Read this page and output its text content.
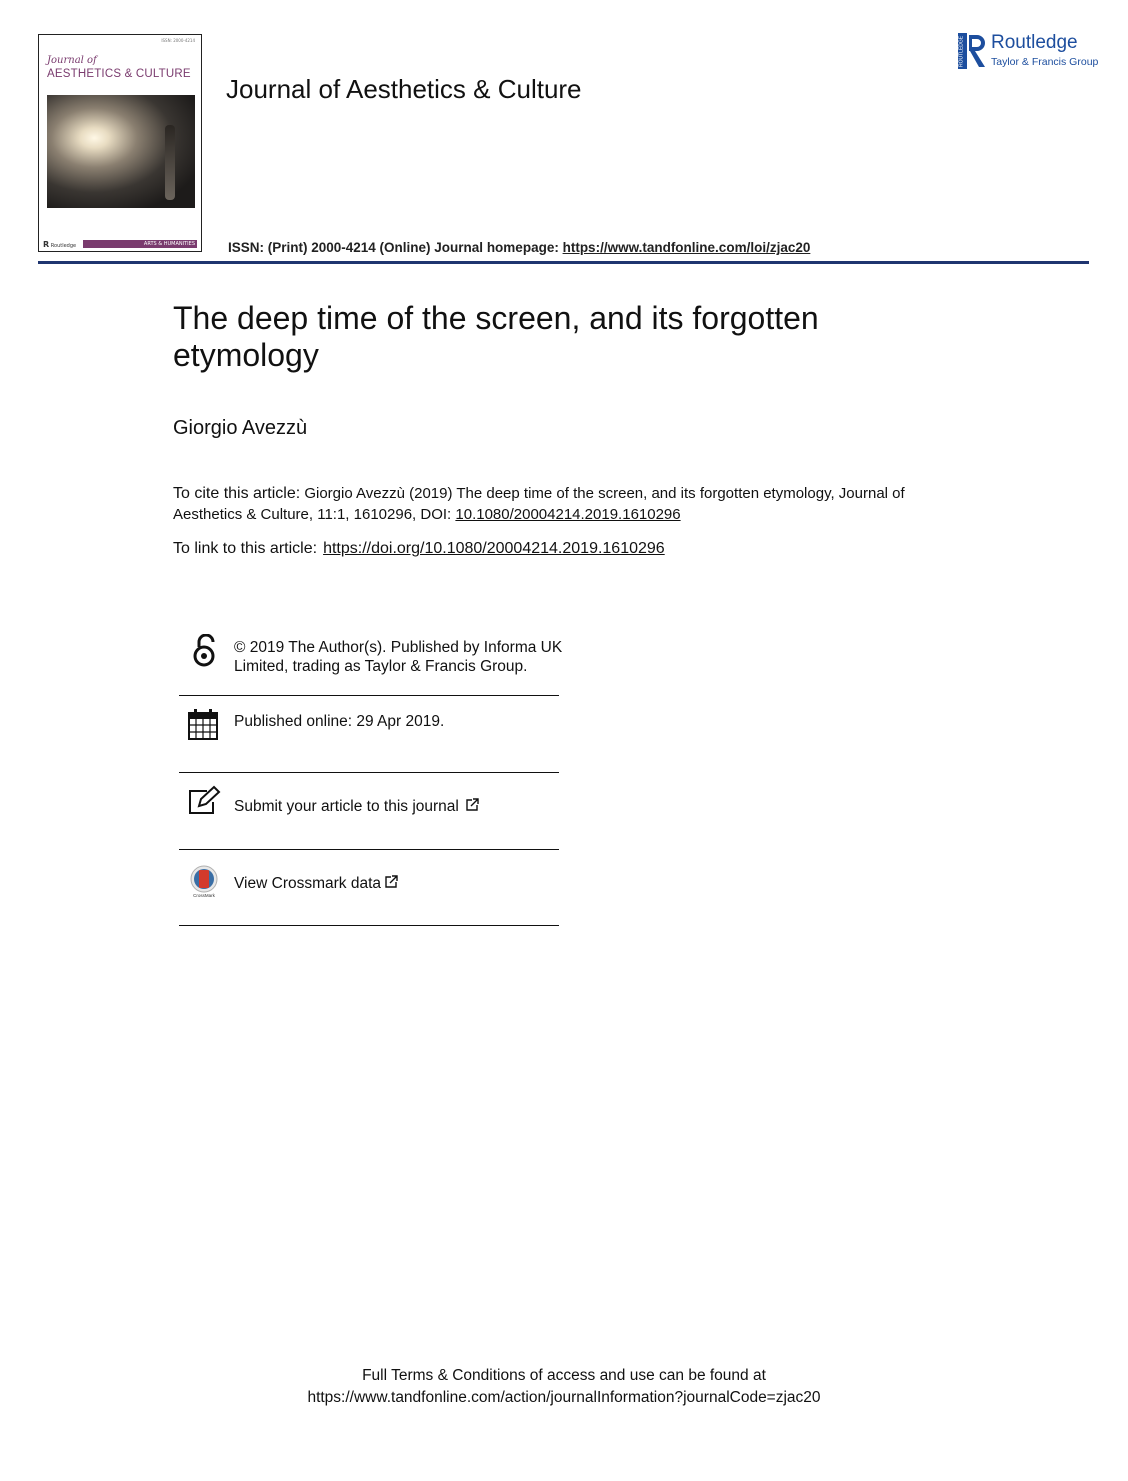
ISSN: 2000-4214
Journal of
AESTHETICS & CULTURE
R Routledge	ARTS & HUMANITIES
Journal of Aesthetics & Culture
ROUTLEDGE Routledge
Taylor & Francis Group
ISSN: (Print) 2000-4214 (Online) Journal homepage: https://www.tandfonline.com/loi/zjac20
The deep time of the screen, and its forgotten etymology
Giorgio Avezzù
To cite this article: Giorgio Avezzù (2019) The deep time of the screen, and its forgotten etymology, Journal of Aesthetics & Culture, 11:1, 1610296, DOI: 10.1080/20004214.2019.1610296
To link to this article: https://doi.org/10.1080/20004214.2019.1610296
© 2019 The Author(s). Published by Informa UK Limited, trading as Taylor & Francis Group.
Published online: 29 Apr 2019.
Submit your article to this journal
CrossMark
View Crossmark data
Full Terms & Conditions of access and use can be found at
https://www.tandfonline.com/action/journalInformation?journalCode=zjac20
